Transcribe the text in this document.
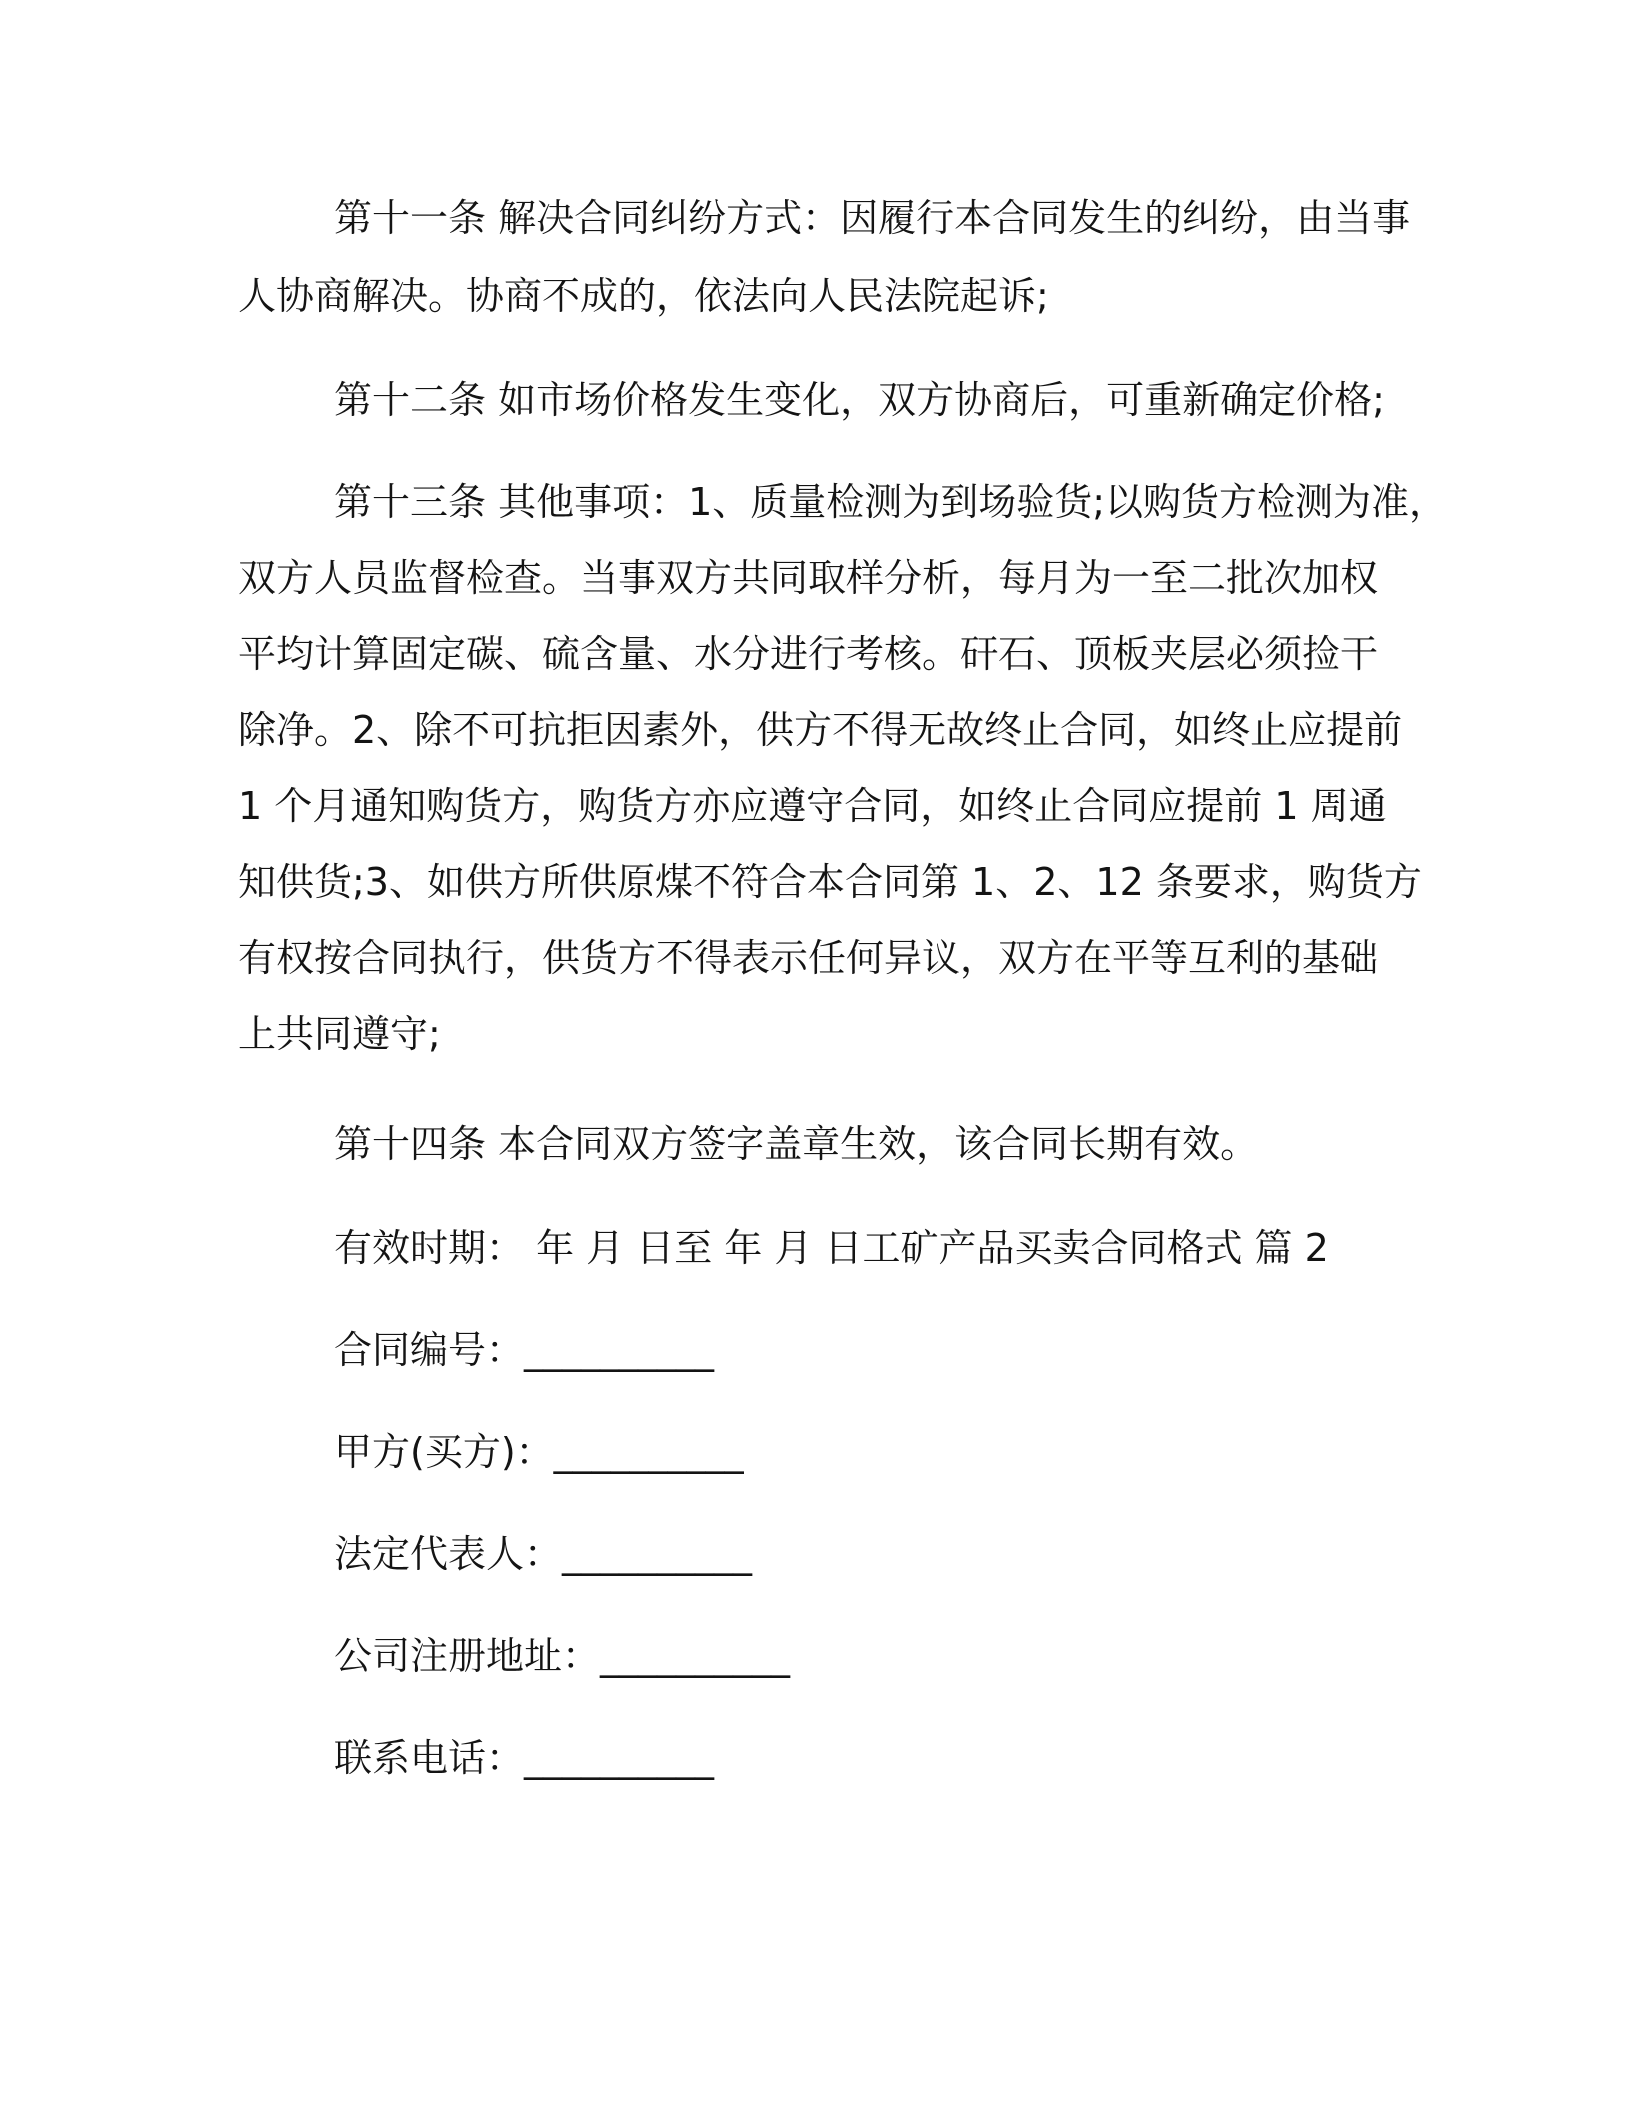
第十一条 解决合同纠纷方式：因履行本合同发生的纠纷，由当事
人协商解决。协商不成的，依法向人民法院起诉;
第十二条 如市场价格发生变化，双方协商后，可重新确定价格;
第十三条 其他事项：1、质量检测为到场验货;以购货方检测为准，
双方人员监督检查。当事双方共同取样分析，每月为一至二批次加权
平均计算固定碳、硫含量、水分进行考核。矸石、顶板夹层必须捡干
除净。2、除不可抗拒因素外，供方不得无故终止合同，如终止应提前
1 个月通知购货方，购货方亦应遵守合同，如终止合同应提前 1 周通
知供货;3、如供方所供原煤不符合本合同第 1、2、12 条要求，购货方
有权按合同执行，供货方不得表示任何异议，双方在平等互利的基础
上共同遵守;
第十四条 本合同双方签字盖章生效，该合同长期有效。
有效时期： 年 月 日至 年 月 日工矿产品买卖合同格式 篇 2
合同编号：__________
甲方(买方)：__________
法定代表人：__________
公司注册地址：__________
联系电话：__________
